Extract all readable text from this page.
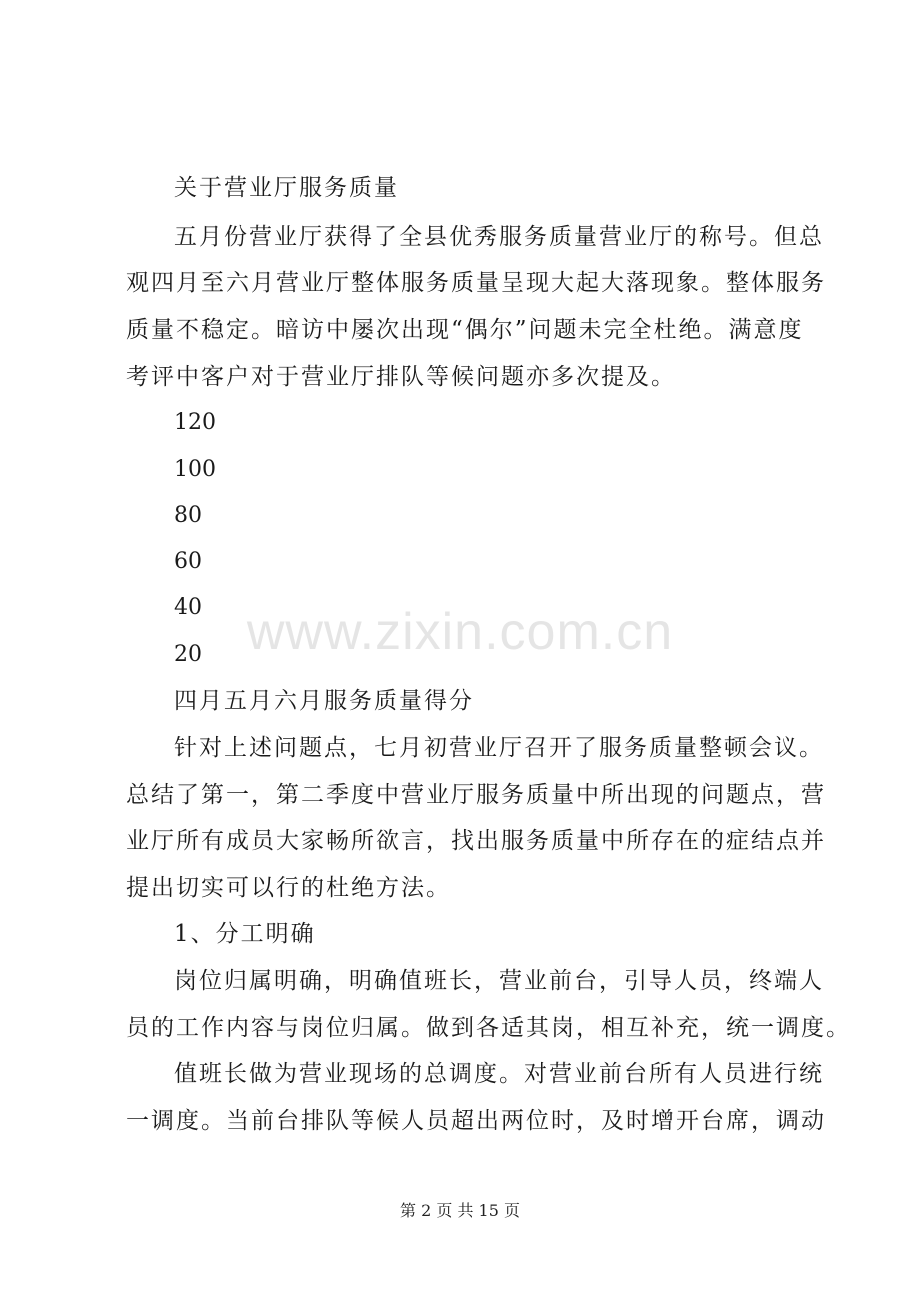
关于营业厅服务质量
五月份营业厅获得了全县优秀服务质量营业厅的称号。但总
观四月至六月营业厅整体服务质量呈现大起大落现象。整体服务
质量不稳定。暗访中屡次出现“偶尔”问题未完全杜绝。满意度
考评中客户对于营业厅排队等候问题亦多次提及。
120
100
80
60
40
20
四月五月六月服务质量得分
针对上述问题点，七月初营业厅召开了服务质量整顿会议。
总结了第一，第二季度中营业厅服务质量中所出现的问题点，营
业厅所有成员大家畅所欲言，找出服务质量中所存在的症结点并
提出切实可以行的杜绝方法。
1、分工明确
岗位归属明确，明确值班长，营业前台，引导人员，终端人
员的工作内容与岗位归属。做到各适其岗，相互补充，统一调度。
值班长做为营业现场的总调度。对营业前台所有人员进行统
一调度。当前台排队等候人员超出两位时，及时增开台席，调动
www.zixin.com.cn
第 2 页 共 15 页
